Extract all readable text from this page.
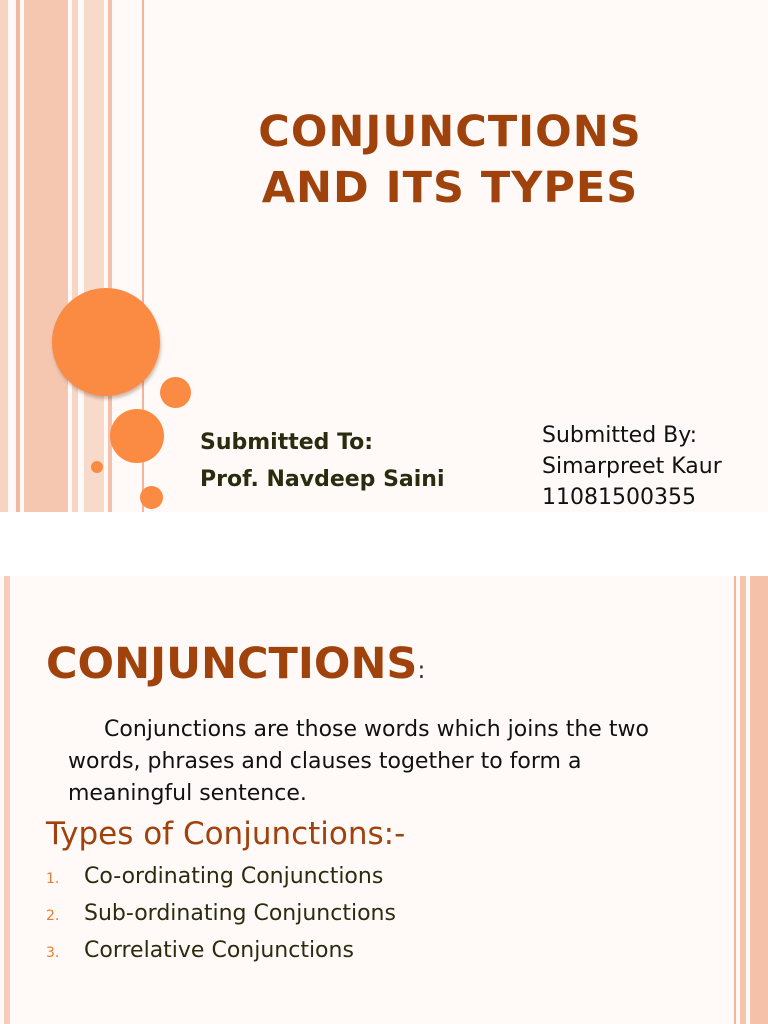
CONJUNCTIONS
AND ITS TYPES
Submitted To:
Prof. Navdeep Saini
Submitted By:
Simarpreet Kaur
11081500355
CONJUNCTIONS:

Conjunctions are those words which joins the two words, phrases and clauses together to form a meaningful sentence.

Types of Conjunctions:-
1. Co-ordinating Conjunctions
2. Sub-ordinating Conjunctions
3. Correlative Conjunctions
